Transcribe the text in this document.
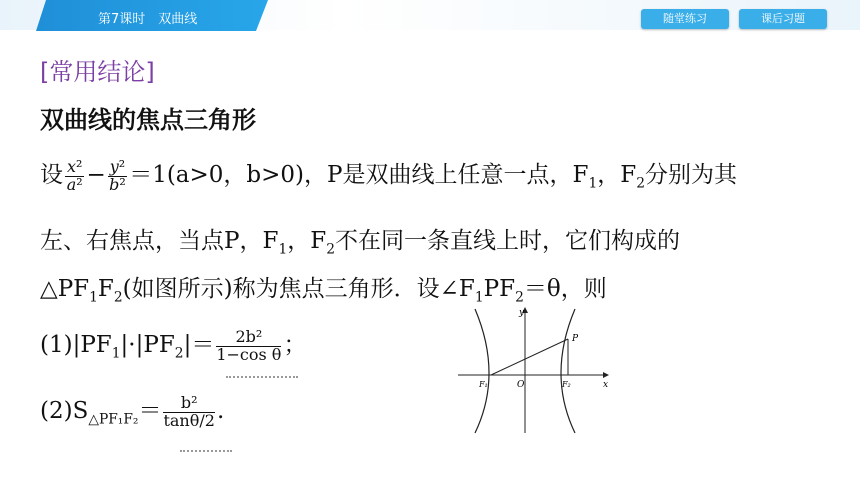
第7课时　双曲线	随堂练习	课后习题
[常用结论]
双曲线的焦点三角形
设 $\frac{\text{x²}}{\text{a²}} - \frac{\text{y²}}{\text{b²}} =1(a>0$，b>0)，P是双曲线上任意一点，$F_1$，$F_2$分别为其
左、右焦点，当点P，$F_1$，$F_2$不在同一条直线上时，它们构成的
$\triangle PF_1F_2$(如图所示)称为焦点三角形．设$\angle F_1PF_2=\theta$，则
$(1)|PF_1|\cdot|PF_2|= \frac{\text{2b²}}{\text{1−cos θ}}$ ；
$(2)S_{\triangle PF_1F_2}= \frac{\text{b²}}{\tan\theta/2}$ .
y
x
O
F₁	F₂
P
